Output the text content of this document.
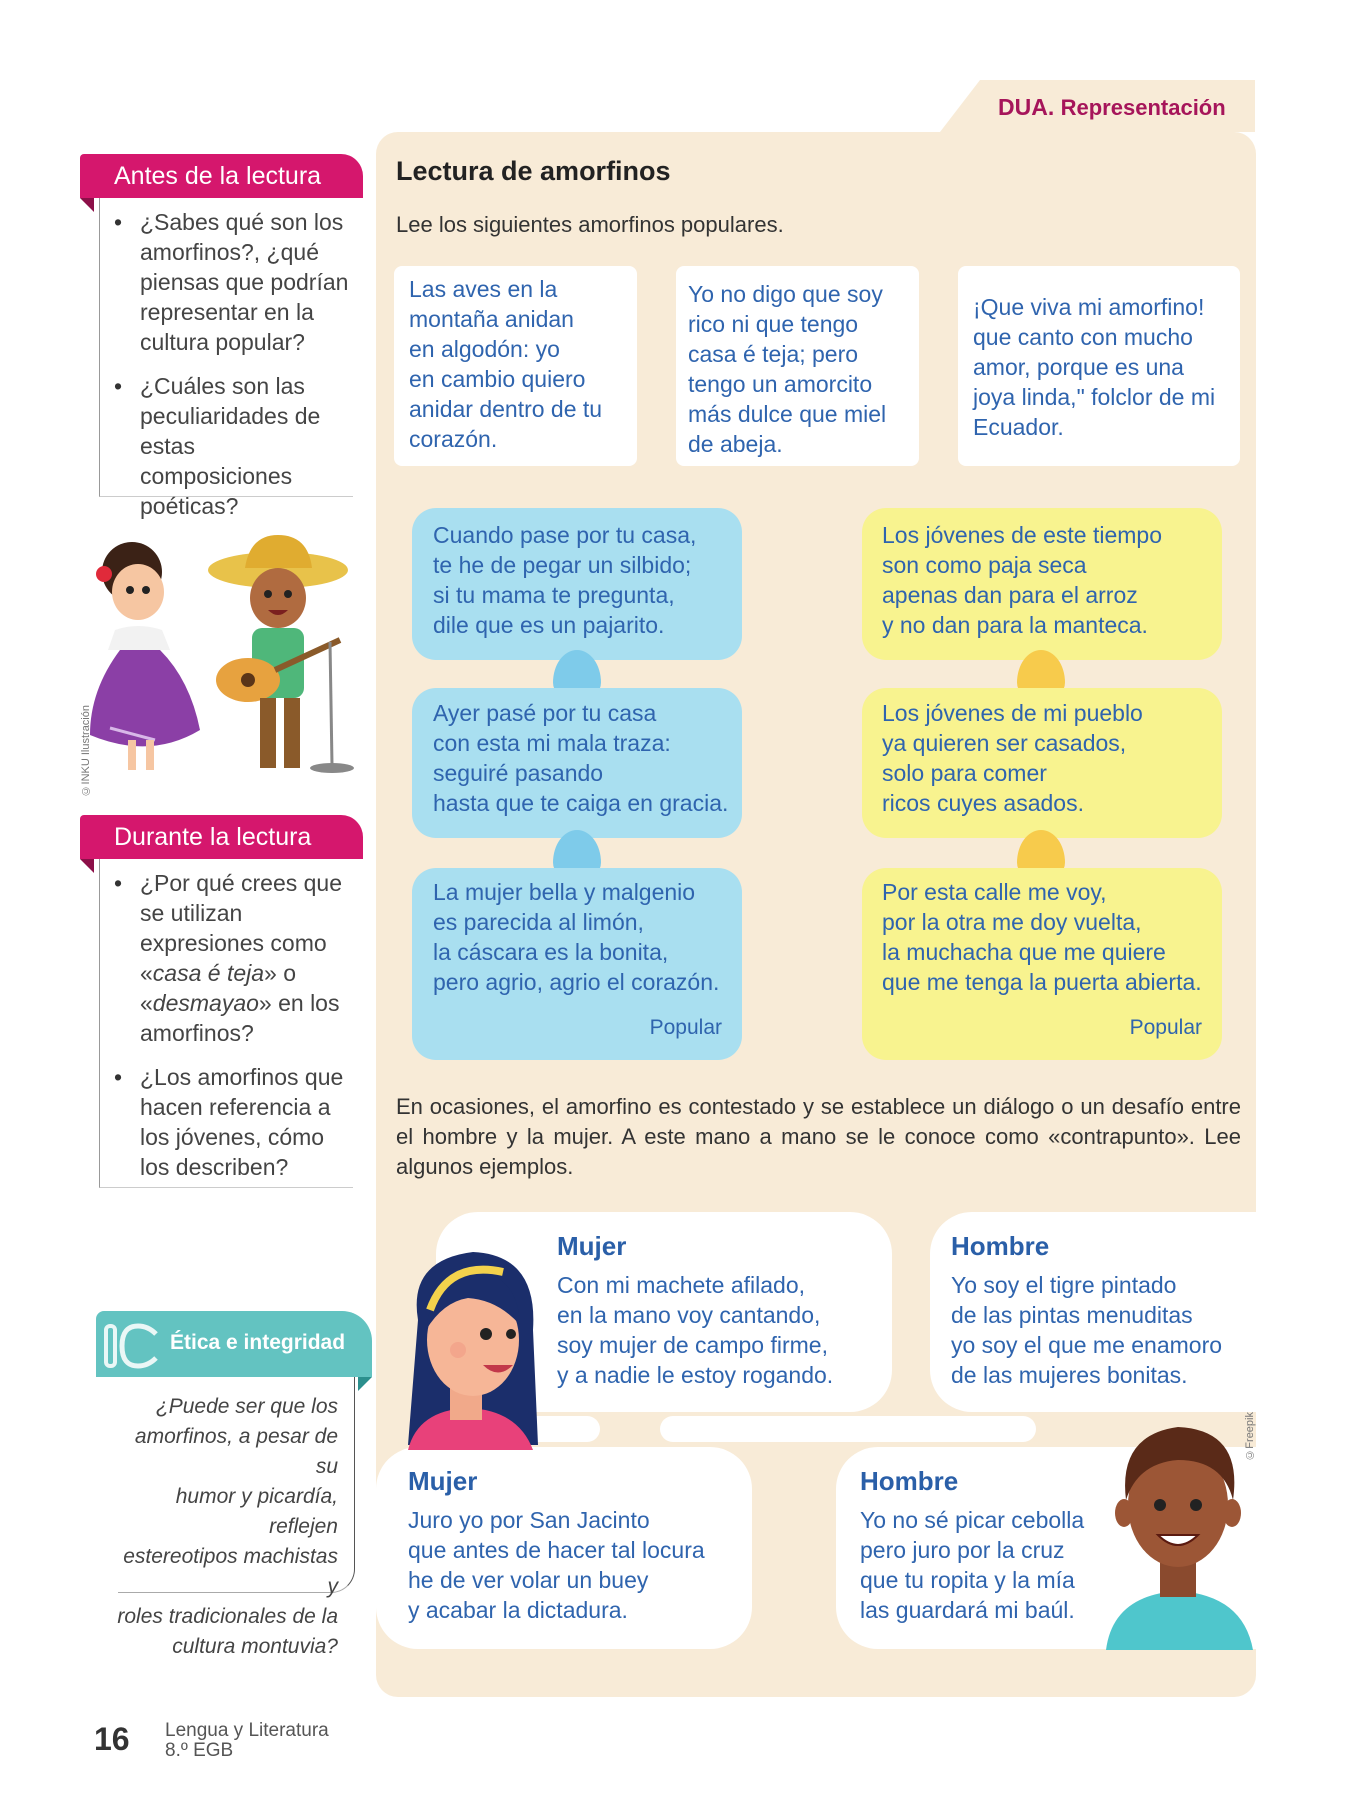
DUA. Representación
Lectura de amorfinos
Lee los siguientes amorfinos populares.
Las aves en la
montaña anidan
en algodón: yo
en cambio quiero
anidar dentro de tu
corazón.
Yo no digo que soy
rico ni que tengo
casa é teja; pero
tengo un amorcito
más dulce que miel
de abeja.
¡Que viva mi amorfino!
que canto con mucho
amor, porque es una
joya linda," folclor de mi
Ecuador.
Cuando pase por tu casa,
te he de pegar un silbido;
si tu mama te pregunta,
dile que es un pajarito.
Ayer pasé por tu casa
con esta mi mala traza:
seguiré pasando
hasta que te caiga en gracia.
La mujer bella y malgenio
es parecida al limón,
la cáscara es la bonita,
pero agrio, agrio el corazón.
Popular
Los jóvenes de este tiempo
son como paja seca
apenas dan para el arroz
y no dan para la manteca.
Los jóvenes de mi pueblo
ya quieren ser casados,
solo para comer
ricos cuyes asados.
Por esta calle me voy,
por la otra me doy vuelta,
la muchacha que me quiere
que me tenga la puerta abierta.
Popular
En ocasiones, el amorfino es contestado y se establece un diálogo o un desafío entre el hombre y la mujer. A este mano a mano se le conoce como «contrapunto». Lee algunos ejemplos.
Mujer
Con mi machete afilado,
en la mano voy cantando,
soy mujer de campo firme,
y a nadie le estoy rogando.
Hombre
Yo soy el tigre pintado
de las pintas menuditas
yo soy el que me enamoro
de las mujeres bonitas.
Mujer
Juro yo por San Jacinto
que antes de hacer tal locura
he de ver volar un buey
y acabar la dictadura.
Hombre
Yo no sé picar cebolla
pero juro por la cruz
que tu ropita y la mía
las guardará mi baúl.
©Freepik
Antes de la lectura
• ¿Sabes qué son los amorfinos?, ¿qué piensas que podrían representar en la cultura popular?
• ¿Cuáles son las peculiaridades de estas composiciones poéticas?
©INKU Ilustración
Durante la lectura
• ¿Por qué crees que se utilizan expresiones como «casa é teja» o «desmayao» en los amorfinos?
• ¿Los amorfinos que hacen referencia a los jóvenes, cómo los describen?
Ética e integridad
¿Puede ser que los
amorfinos, a pesar de su
humor y picardía, reflejen
estereotipos machistas y
roles tradicionales de la
cultura montuvia?
16 Lengua y Literatura
8.º EGB
